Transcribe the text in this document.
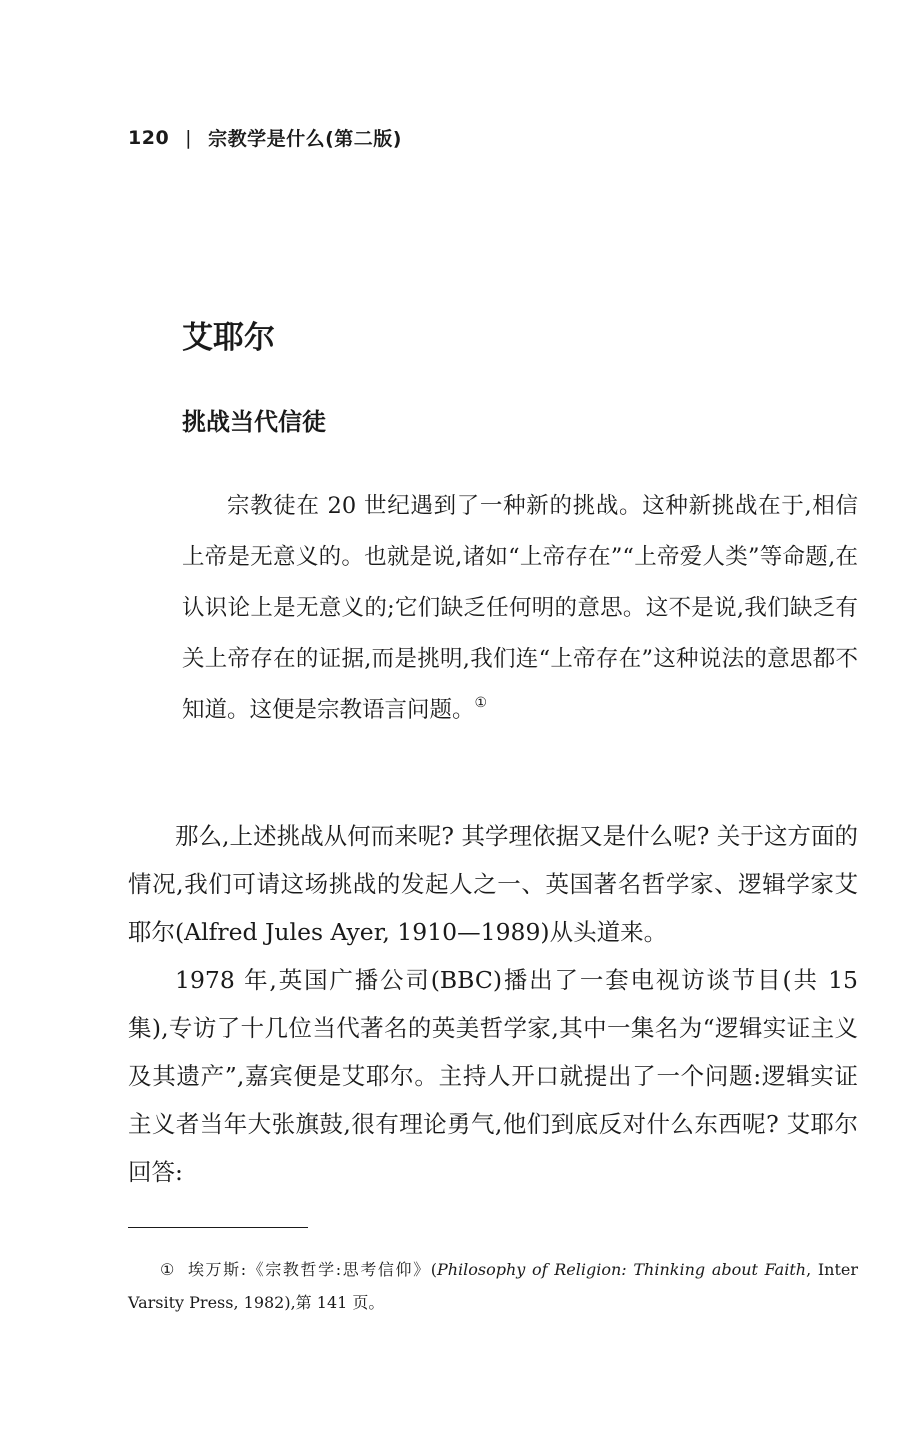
120 | 宗教学是什么(第二版)
艾耶尔
挑战当代信徒

宗教徒在 20 世纪遇到了一种新的挑战。这种新挑战在于,相信上帝是无意义的。也就是说,诸如“上帝存在”“上帝爱人类”等命题,在认识论上是无意义的;它们缺乏任何明的意思。这不是说,我们缺乏有关上帝存在的证据,而是挑明,我们连“上帝存在”这种说法的意思都不知道。这便是宗教语言问题。①

那么,上述挑战从何而来呢? 其学理依据又是什么呢? 关于这方面的情况,我们可请这场挑战的发起人之一、英国著名哲学家、逻辑学家艾耶尔(Alfred Jules Ayer, 1910—1989)从头道来。

1978 年,英国广播公司(BBC)播出了一套电视访谈节目(共 15 集),专访了十几位当代著名的英美哲学家,其中一集名为“逻辑实证主义及其遗产”,嘉宾便是艾耶尔。主持人开口就提出了一个问题:逻辑实证主义者当年大张旗鼓,很有理论勇气,他们到底反对什么东西呢? 艾耶尔回答:

① 埃万斯:《宗教哲学:思考信仰》(Philosophy of Religion: Thinking about Faith, Inter Varsity Press, 1982),第 141 页。
